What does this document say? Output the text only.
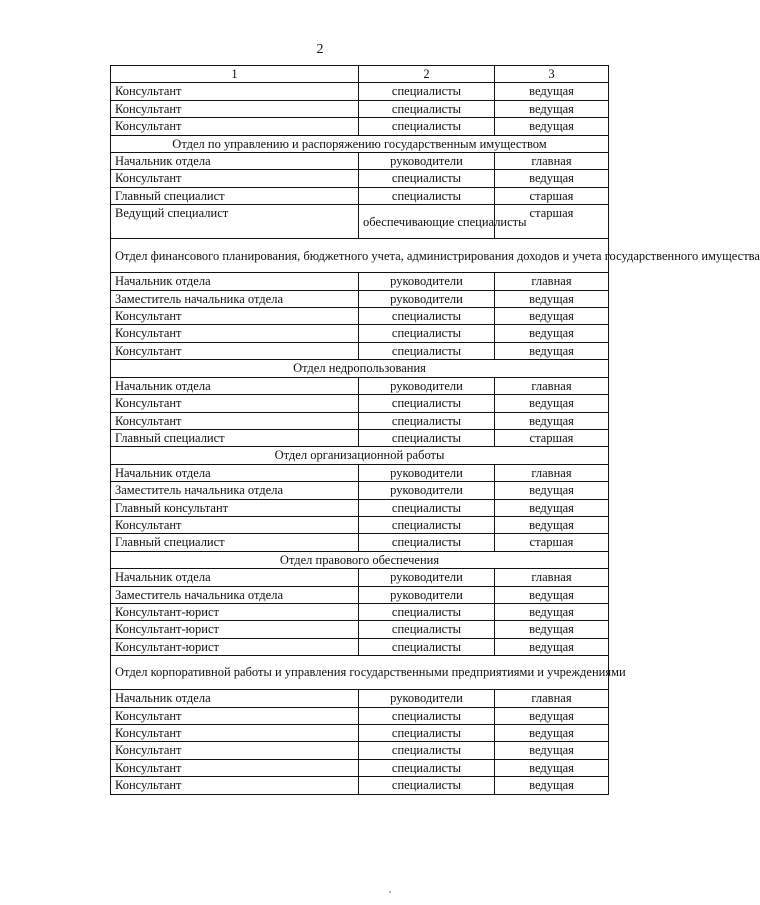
2
1	2	3
Консультант	специалисты	ведущая
Консультант	специалисты	ведущая
Консультант	специалисты	ведущая
Отдел по управлению и распоряжению государственным имуществом		
Начальник отдела	руководители	главная
Консультант	специалисты	ведущая
Главный специалист	специалисты	старшая
Ведущий специалист	обеспечивающие специалисты	старшая
Отдел финансового планирования, бюджетного учета, администрирования доходов и учета государственного имущества		
Начальник отдела	руководители	главная
Заместитель начальника отдела	руководители	ведущая
Консультант	специалисты	ведущая
Консультант	специалисты	ведущая
Консультант	специалисты	ведущая
Отдел недропользования		
Начальник отдела	руководители	главная
Консультант	специалисты	ведущая
Консультант	специалисты	ведущая
Главный специалист	специалисты	старшая
Отдел организационной работы		
Начальник отдела	руководители	главная
Заместитель начальника отдела	руководители	ведущая
Главный консультант	специалисты	ведущая
Консультант	специалисты	ведущая
Главный специалист	специалисты	старшая
Отдел правового обеспечения		
Начальник отдела	руководители	главная
Заместитель начальника отдела	руководители	ведущая
Консультант-юрист	специалисты	ведущая
Консультант-юрист	специалисты	ведущая
Консультант-юрист	специалисты	ведущая
Отдел корпоративной работы и управления государственными предприятиями и учреждениями		
Начальник отдела	руководители	главная
Консультант	специалисты	ведущая
Консультант	специалисты	ведущая
Консультант	специалисты	ведущая
Консультант	специалисты	ведущая
Консультант	специалисты	ведущая
